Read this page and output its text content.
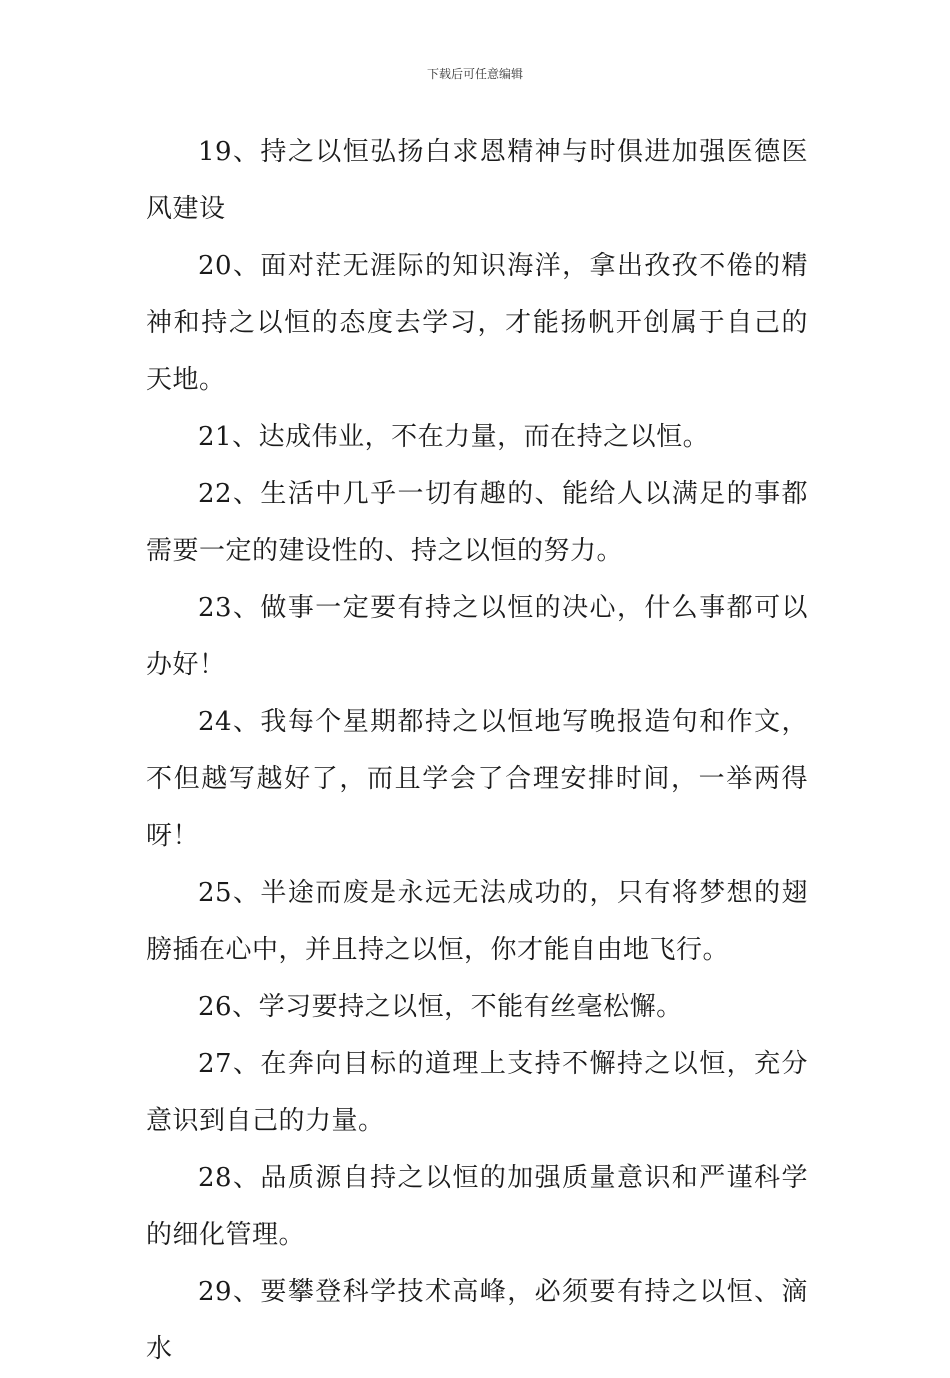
下载后可任意编辑

19、持之以恒弘扬白求恩精神与时俱进加强医德医风建设

20、面对茫无涯际的知识海洋，拿出孜孜不倦的精神和持之以恒的态度去学习，才能扬帆开创属于自己的天地。

21、达成伟业，不在力量，而在持之以恒。

22、生活中几乎一切有趣的、能给人以满足的事都需要一定的建设性的、持之以恒的努力。

23、做事一定要有持之以恒的决心，什么事都可以办好！

24、我每个星期都持之以恒地写晚报造句和作文，不但越写越好了，而且学会了合理安排时间，一举两得呀！

25、半途而废是永远无法成功的，只有将梦想的翅膀插在心中，并且持之以恒，你才能自由地飞行。

26、学习要持之以恒，不能有丝毫松懈。

27、在奔向目标的道理上支持不懈持之以恒，充分意识到自己的力量。

28、品质源自持之以恒的加强质量意识和严谨科学的细化管理。

29、要攀登科学技术高峰，必须要有持之以恒、滴水
